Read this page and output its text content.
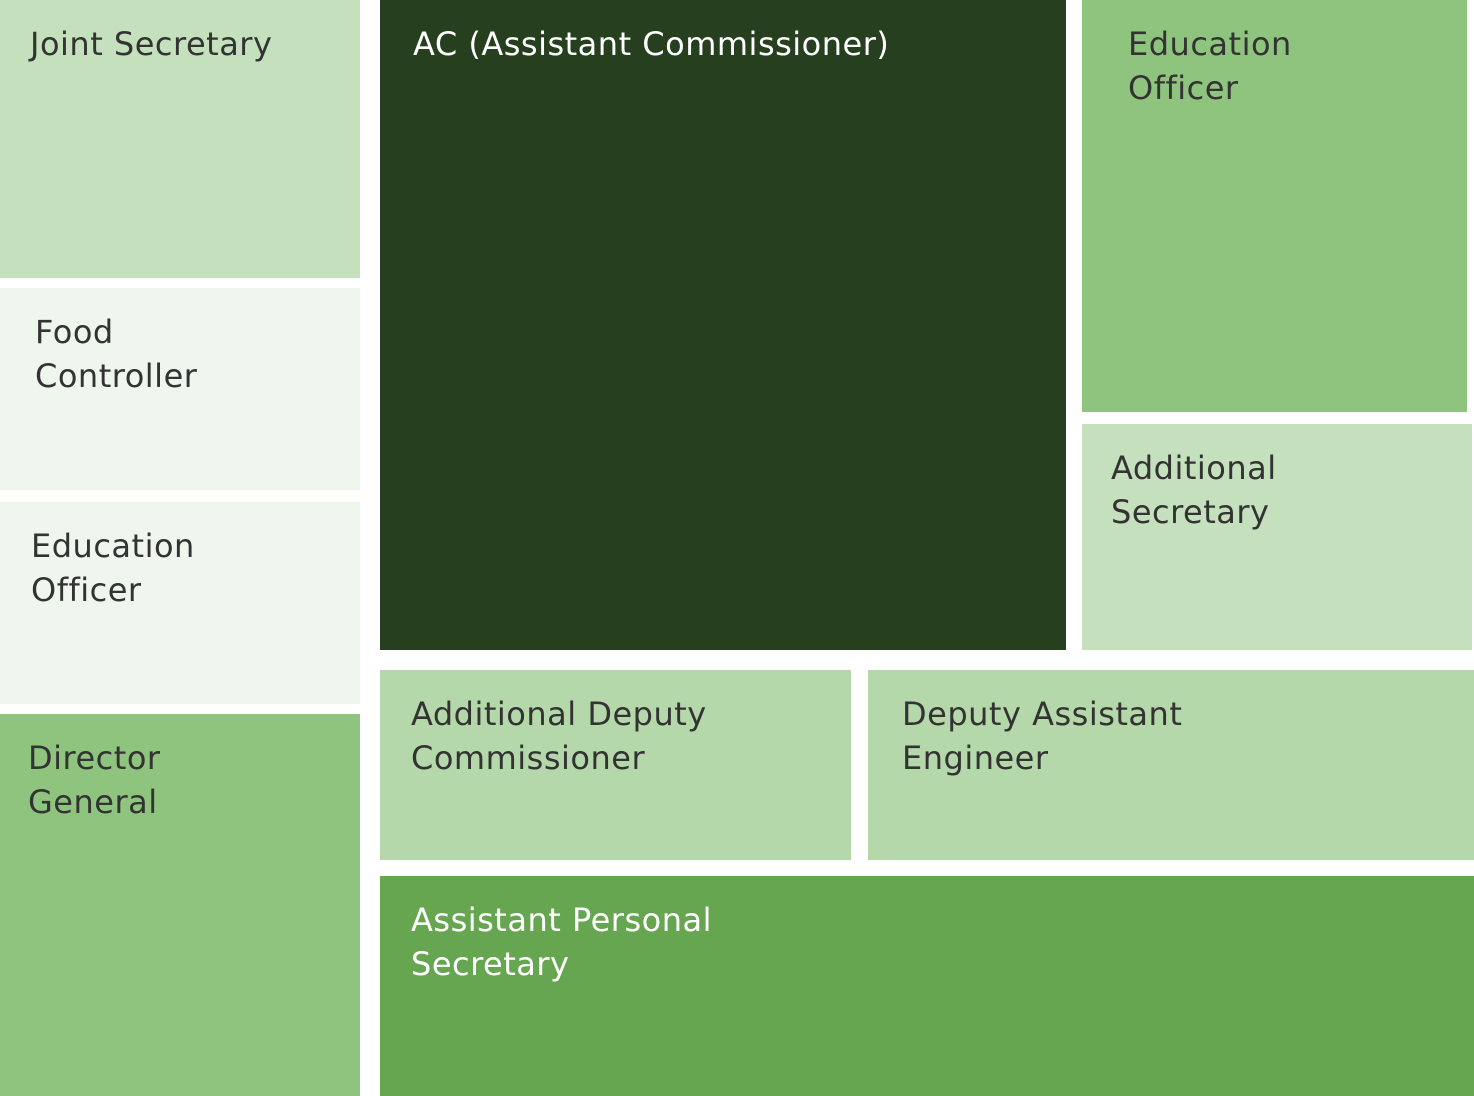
Joint Secretary
Food Controller
Education Officer
Director General
AC (Assistant Commissioner)	Education Officer
Additional Secretary
Additional Deputy Commissioner
Deputy Assistant Engineer
Assistant Personal Secretary
